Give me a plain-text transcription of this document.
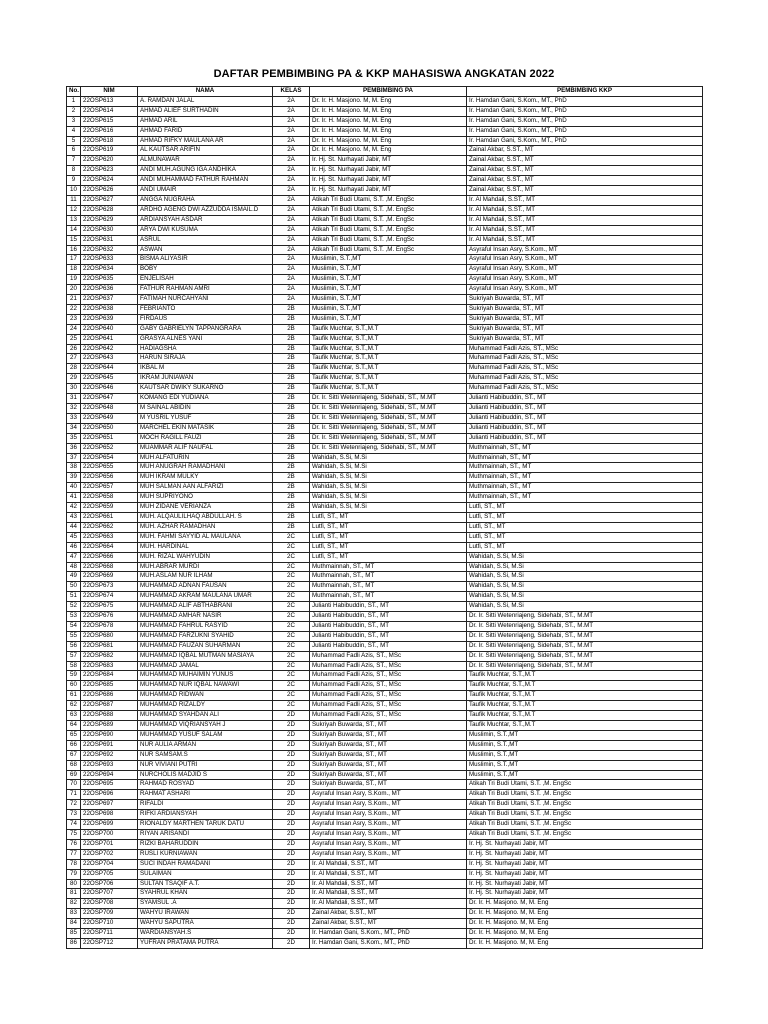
DAFTAR PEMBIMBING PA & KKP MAHASISWA ANGKATAN 2022
No.	NIM	NAMA	KELAS	PEMBIMBING PA	PEMBIMBING KKP
1	22OSP613	A. RAMDAN JALAL	2A	Dr. Ir. H. Masjono. M, M. Eng	Ir. Hamdan Gani, S.Kom., MT., PhD
2	22OSP614	AHMAD ALIEF SURTHADIN	2A	Dr. Ir. H. Masjono. M, M. Eng	Ir. Hamdan Gani, S.Kom., MT., PhD
3	22OSP615	AHMAD ARIL	2A	Dr. Ir. H. Masjono. M, M. Eng	Ir. Hamdan Gani, S.Kom., MT., PhD
4	22OSP616	AHMAD FARID	2A	Dr. Ir. H. Masjono. M, M. Eng	Ir. Hamdan Gani, S.Kom., MT., PhD
5	22OSP618	AHMAD RIFKY MAULANA AR	2A	Dr. Ir. H. Masjono. M, M. Eng	Ir. Hamdan Gani, S.Kom., MT., PhD
6	22OSP619	AL KAUTSAR ARIFIN	2A	Dr. Ir. H. Masjono. M, M. Eng	Zainal Akbar, S.ST., MT
7	22OSP620	ALMUNAWAR	2A	Ir. Hj. St. Nurhayati Jabir, MT	Zainal Akbar, S.ST., MT
8	22OSP623	ANDI MUH.AGUNG IGA ANDHIKA	2A	Ir. Hj. St. Nurhayati Jabir, MT	Zainal Akbar, S.ST., MT
9	22OSP624	ANDI MUHAMMAD FATHUR RAHMAN	2A	Ir. Hj. St. Nurhayati Jabir, MT	Zainal Akbar, S.ST., MT
10	22OSP626	ANDI UMAIR	2A	Ir. Hj. St. Nurhayati Jabir, MT	Zainal Akbar, S.ST., MT
11	22OSP627	ANGGA NUGRAHA	2A	Atikah Tri Budi Utami, S.T. ,M. EngSc	Ir. Al Mahdali, S.ST., MT
12	22OSP628	ARDHO AGENG DWI AZZUDDA ISMAIL.D	2A	Atikah Tri Budi Utami, S.T. ,M. EngSc	Ir. Al Mahdali, S.ST., MT
13	22OSP629	ARDIANSYAH ASDAR	2A	Atikah Tri Budi Utami, S.T. ,M. EngSc	Ir. Al Mahdali, S.ST., MT
14	22OSP630	ARYA DWI KUSUMA	2A	Atikah Tri Budi Utami, S.T. ,M. EngSc	Ir. Al Mahdali, S.ST., MT
15	22OSP631	ASRUL	2A	Atikah Tri Budi Utami, S.T. ,M. EngSc	Ir. Al Mahdali, S.ST., MT
16	22OSP632	ASWAN	2A	Atikah Tri Budi Utami, S.T. ,M. EngSc	Asyraful Insan Asry, S.Kom., MT
17	22OSP633	BISMA ALIYASIR	2A	Muslimin, S.T.,MT	Asyraful Insan Asry, S.Kom., MT
18	22OSP634	BOBY	2A	Muslimin, S.T.,MT	Asyraful Insan Asry, S.Kom., MT
19	22OSP635	ENJELISAH	2A	Muslimin, S.T.,MT	Asyraful Insan Asry, S.Kom., MT
20	22OSP636	FATHUR RAHMAN AMRI	2A	Muslimin, S.T.,MT	Asyraful Insan Asry, S.Kom., MT
21	22OSP637	FATIMAH NURCAHYANI	2A	Muslimin, S.T.,MT	Sukriyah Buwarda, ST., MT
22	22OSP638	FEBRIANTO	2B	Muslimin, S.T.,MT	Sukriyah Buwarda, ST., MT
23	22OSP639	FIRDAUS	2B	Muslimin, S.T.,MT	Sukriyah Buwarda, ST., MT
24	22OSP640	GABY GABRIELYN TAPPANGRARA	2B	Taufik Muchtar, S.T.,M.T	Sukriyah Buwarda, ST., MT
25	22OSP641	GRASYA ALNES YANI	2B	Taufik Muchtar, S.T.,M.T	Sukriyah Buwarda, ST., MT
26	22OSP642	HADIAGSHA	2B	Taufik Muchtar, S.T.,M.T	Muhammad Fadli Azis, ST., MSc
27	22OSP643	HARUN SIRAJA	2B	Taufik Muchtar, S.T.,M.T	Muhammad Fadli Azis, ST., MSc
28	22OSP644	IKBAL M	2B	Taufik Muchtar, S.T.,M.T	Muhammad Fadli Azis, ST., MSc
29	22OSP645	IKRAM JUNIAWAN	2B	Taufik Muchtar, S.T.,M.T	Muhammad Fadli Azis, ST., MSc
30	22OSP646	KAUTSAR DWIKY SUKARNO	2B	Taufik Muchtar, S.T.,M.T	Muhammad Fadli Azis, ST., MSc
31	22OSP647	KOMANG EDI YUDIANA	2B	Dr. Ir. Sitti Wetenriajeng, Sidehabi, ST., M.MT	Julianti Habibuddin, ST., MT
32	22OSP648	M SAINAL ABIDIN	2B	Dr. Ir. Sitti Wetenriajeng, Sidehabi, ST., M.MT	Julianti Habibuddin, ST., MT
33	22OSP649	M YUSRIL YUSUF	2B	Dr. Ir. Sitti Wetenriajeng, Sidehabi, ST., M.MT	Julianti Habibuddin, ST., MT
34	22OSP650	MARCHEL EKIN MATASIK	2B	Dr. Ir. Sitti Wetenriajeng, Sidehabi, ST., M.MT	Julianti Habibuddin, ST., MT
35	22OSP651	MOCH RAGILL FAUZI	2B	Dr. Ir. Sitti Wetenriajeng, Sidehabi, ST., M.MT	Julianti Habibuddin, ST., MT
36	22OSP652	MUAMMAR ALIF NAUFAL	2B	Dr. Ir. Sitti Wetenriajeng, Sidehabi, ST., M.MT	Muthmainnah, ST., MT
37	22OSP654	MUH ALFATURIN	2B	Wahidah, S.Si, M.Si	Muthmainnah, ST., MT
38	22OSP655	MUH ANUGRAH RAMADHANI	2B	Wahidah, S.Si, M.Si	Muthmainnah, ST., MT
39	22OSP656	MUH IKRAM MULKY	2B	Wahidah, S.Si, M.Si	Muthmainnah, ST., MT
40	22OSP657	MUH SALMAN AAN ALFARIZI	2B	Wahidah, S.Si, M.Si	Muthmainnah, ST., MT
41	22OSP658	MUH SUPRIYONO	2B	Wahidah, S.Si, M.Si	Muthmainnah, ST., MT
42	22OSP659	MUH ZIDANE VERIANZA	2B	Wahidah, S.Si, M.Si	Lutfi, ST., MT
43	22OSP661	MUH. ALQAULILHAQ ABDULLAH. S	2B	Lutfi, ST., MT	Lutfi, ST., MT
44	22OSP662	MUH. AZHAR RAMADHAN	2B	Lutfi, ST., MT	Lutfi, ST., MT
45	22OSP663	MUH. FAHMI SAYYID AL MAULANA	2C	Lutfi, ST., MT	Lutfi, ST., MT
46	22OSP664	MUH. HARDINAL	2C	Lutfi, ST., MT	Lutfi, ST., MT
47	22OSP666	MUH. RIZAL WAHYUDIN	2C	Lutfi, ST., MT	Wahidah, S.Si, M.Si
48	22OSP668	MUH.ABRAR MURDI	2C	Muthmainnah, ST., MT	Wahidah, S.Si, M.Si
49	22OSP669	MUH.ASLAM NUR ILHAM	2C	Muthmainnah, ST., MT	Wahidah, S.Si, M.Si
50	22OSP673	MUHAMMAD ADNAN FAUSAN	2C	Muthmainnah, ST., MT	Wahidah, S.Si, M.Si
51	22OSP674	MUHAMMAD AKRAM MAULANA UMAR	2C	Muthmainnah, ST., MT	Wahidah, S.Si, M.Si
52	22OSP675	MUHAMMAD ALIF ABTHABRANI	2C	Julianti Habibuddin, ST., MT	Wahidah, S.Si, M.Si
53	22OSP676	MUHAMMAD AMHAR NASIR	2C	Julianti Habibuddin, ST., MT	Dr. Ir. Sitti Wetenriajeng, Sidehabi, ST., M.MT
54	22OSP678	MUHAMMAD FAHRUL RASYID	2C	Julianti Habibuddin, ST., MT	Dr. Ir. Sitti Wetenriajeng, Sidehabi, ST., M.MT
55	22OSP680	MUHAMMAD FARZUKNI SYAHID	2C	Julianti Habibuddin, ST., MT	Dr. Ir. Sitti Wetenriajeng, Sidehabi, ST., M.MT
56	22OSP681	MUHAMMAD FAUZAN SUHARMAN	2C	Julianti Habibuddin, ST., MT	Dr. Ir. Sitti Wetenriajeng, Sidehabi, ST., M.MT
57	22OSP682	MUHAMMAD IQBAL MUTMAN MASIAYA	2C	Muhammad Fadli Azis, ST., MSc	Dr. Ir. Sitti Wetenriajeng, Sidehabi, ST., M.MT
58	22OSP683	MUHAMMAD JAMAL	2C	Muhammad Fadli Azis, ST., MSc	Dr. Ir. Sitti Wetenriajeng, Sidehabi, ST., M.MT
59	22OSP684	MUHAMMAD MUHAIMIN YUNUS	2C	Muhammad Fadli Azis, ST., MSc	Taufik Muchtar, S.T.,M.T
60	22OSP685	MUHAMMAD NUR IQBAL NAWAWI	2C	Muhammad Fadli Azis, ST., MSc	Taufik Muchtar, S.T.,M.T
61	22OSP686	MUHAMMAD RIDWAN	2C	Muhammad Fadli Azis, ST., MSc	Taufik Muchtar, S.T.,M.T
62	22OSP687	MUHAMMAD RIZALDY	2C	Muhammad Fadli Azis, ST., MSc	Taufik Muchtar, S.T.,M.T
63	22OSP688	MUHAMMAD SYAHDAN ALI	2D	Muhammad Fadli Azis, ST., MSc	Taufik Muchtar, S.T.,M.T
64	22OSP689	MUHAMMAD VIQRIANSYAH J	2D	Sukriyah Buwarda, ST., MT	Taufik Muchtar, S.T.,M.T
65	22OSP690	MUHAMMAD YUSUF SALAM	2D	Sukriyah Buwarda, ST., MT	Muslimin, S.T.,MT
66	22OSP691	NUR AULIA ARMAN	2D	Sukriyah Buwarda, ST., MT	Muslimin, S.T.,MT
67	22OSP692	NUR SAMSAM.S	2D	Sukriyah Buwarda, ST., MT	Muslimin, S.T.,MT
68	22OSP693	NUR VIVIANI PUTRI	2D	Sukriyah Buwarda, ST., MT	Muslimin, S.T.,MT
69	22OSP694	NURCHOLIS MADJID S	2D	Sukriyah Buwarda, ST., MT	Muslimin, S.T.,MT
70	22OSP695	RAHMAD ROSYAD	2D	Sukriyah Buwarda, ST., MT	Atikah Tri Budi Utami, S.T. ,M. EngSc
71	22OSP696	RAHMAT ASHARI	2D	Asyraful Insan Asry, S.Kom., MT	Atikah Tri Budi Utami, S.T. ,M. EngSc
72	22OSP697	RIFALDI	2D	Asyraful Insan Asry, S.Kom., MT	Atikah Tri Budi Utami, S.T. ,M. EngSc
73	22OSP698	RIFKI ARDIANSYAH	2D	Asyraful Insan Asry, S.Kom., MT	Atikah Tri Budi Utami, S.T. ,M. EngSc
74	22OSP699	RIONALDY MARTHEN TARUK DATU	2D	Asyraful Insan Asry, S.Kom., MT	Atikah Tri Budi Utami, S.T. ,M. EngSc
75	22OSP700	RIYAN ARISANDI	2D	Asyraful Insan Asry, S.Kom., MT	Atikah Tri Budi Utami, S.T. ,M. EngSc
76	22OSP701	RIZKI BAHARUDDIN	2D	Asyraful Insan Asry, S.Kom., MT	Ir. Hj. St. Nurhayati Jabir, MT
77	22OSP702	RUSLI KURNIAWAN	2D	Asyraful Insan Asry, S.Kom., MT	Ir. Hj. St. Nurhayati Jabir, MT
78	22OSP704	SUCI INDAH RAMADANI	2D	Ir. Al Mahdali, S.ST., MT	Ir. Hj. St. Nurhayati Jabir, MT
79	22OSP705	SULAIMAN	2D	Ir. Al Mahdali, S.ST., MT	Ir. Hj. St. Nurhayati Jabir, MT
80	22OSP706	SULTAN TSAQIF A.T.	2D	Ir. Al Mahdali, S.ST., MT	Ir. Hj. St. Nurhayati Jabir, MT
81	22OSP707	SYAHRUL KHAN	2D	Ir. Al Mahdali, S.ST., MT	Ir. Hj. St. Nurhayati Jabir, MT
82	22OSP708	SYAMSUL .A	2D	Ir. Al Mahdali, S.ST., MT	Dr. Ir. H. Masjono. M, M. Eng
83	22OSP709	WAHYU IRAWAN	2D	Zainal Akbar, S.ST., MT	Dr. Ir. H. Masjono. M, M. Eng
84	22OSP710	WAHYU SAPUTRA	2D	Zainal Akbar, S.ST., MT	Dr. Ir. H. Masjono. M, M. Eng
85	22OSP711	WARDIANSYAH.S	2D	Ir. Hamdan Gani, S.Kom., MT., PhD	Dr. Ir. H. Masjono. M, M. Eng
86	22OSP712	YUFRAN PRATAMA PUTRA	2D	Ir. Hamdan Gani, S.Kom., MT., PhD	Dr. Ir. H. Masjono. M, M. Eng
